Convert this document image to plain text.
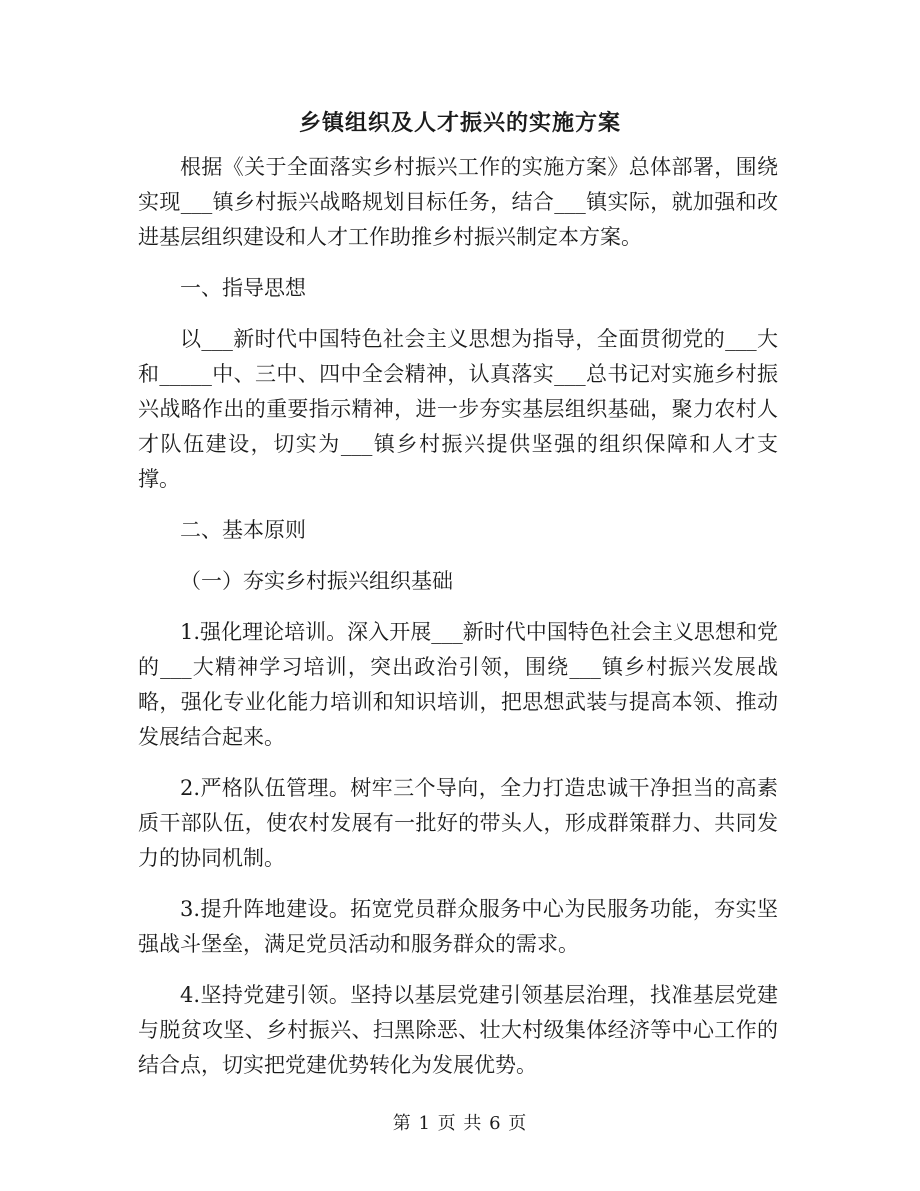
乡镇组织及人才振兴的实施方案

根据《关于全面落实乡村振兴工作的实施方案》总体部署，围绕实现___镇乡村振兴战略规划目标任务，结合___镇实际，就加强和改进基层组织建设和人才工作助推乡村振兴制定本方案。

一、指导思想

以___新时代中国特色社会主义思想为指导，全面贯彻党的___大和_____中、三中、四中全会精神，认真落实___总书记对实施乡村振兴战略作出的重要指示精神，进一步夯实基层组织基础，聚力农村人才队伍建设，切实为___镇乡村振兴提供坚强的组织保障和人才支撑。

二、基本原则

（一）夯实乡村振兴组织基础

1.强化理论培训。深入开展___新时代中国特色社会主义思想和党的___大精神学习培训，突出政治引领，围绕___镇乡村振兴发展战略，强化专业化能力培训和知识培训，把思想武装与提高本领、推动发展结合起来。

2.严格队伍管理。树牢三个导向，全力打造忠诚干净担当的高素质干部队伍，使农村发展有一批好的带头人，形成群策群力、共同发力的协同机制。

3.提升阵地建设。拓宽党员群众服务中心为民服务功能，夯实坚强战斗堡垒，满足党员活动和服务群众的需求。

4.坚持党建引领。坚持以基层党建引领基层治理，找准基层党建与脱贫攻坚、乡村振兴、扫黑除恶、壮大村级集体经济等中心工作的结合点，切实把党建优势转化为发展优势。

第 1 页 共 6 页
